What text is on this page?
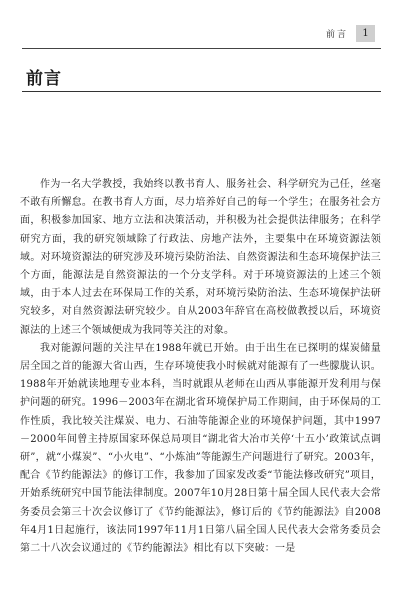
前言	1
前言

作为一名大学教授，我始终以教书育人、服务社会、科学研究为己任，丝毫不敢有所懈怠。在教书育人方面，尽力培养好自己的每一个学生；在服务社会方面，积极参加国家、地方立法和决策活动，并积极为社会提供法律服务；在科学研究方面，我的研究领域除了行政法、房地产法外，主要集中在环境资源法领域。对环境资源法的研究涉及环境污染防治法、自然资源法和生态环境保护法三个方面，能源法是自然资源法的一个分支学科。对于环境资源法的上述三个领域，由于本人过去在环保局工作的关系，对环境污染防治法、生态环境保护法研究较多，对自然资源法研究较少。自从2003年辞官在高校做教授以后，环境资源法的上述三个领域便成为我同等关注的对象。

我对能源问题的关注早在1988年就已开始。由于出生在已探明的煤炭储量居全国之首的能源大省山西，生存环境使我小时候就对能源有了一些朦胧认识。1988年开始就读地理专业本科，当时就跟从老师在山西从事能源开发利用与保护问题的研究。1996－2003年在湖北省环境保护局工作期间，由于环保局的工作性质，我比较关注煤炭、电力、石油等能源企业的环境保护问题，其中1997－2000年间曾主持原国家环保总局项目“湖北省大冶市关停‘十五小’政策试点调研”，就“小煤炭”、“小火电”、“小炼油”等能源生产问题进行了研究。2003年，配合《节约能源法》的修订工作，我参加了国家发改委“节能法修改研究”项目，开始系统研究中国节能法律制度。2007年10月28日第十届全国人民代表大会常务委员会第三十次会议修订了《节约能源法》，修订后的《节约能源法》自2008年4月1日起施行，该法同1997年11月1日第八届全国人民代表大会常务委员会第二十八次会议通过的《节约能源法》相比有以下突破：一是
